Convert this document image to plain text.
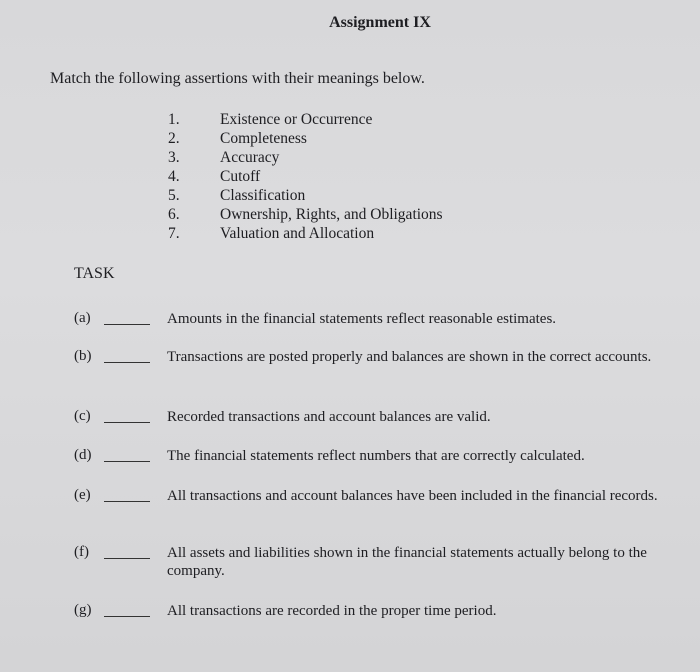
Assignment IX
Match the following assertions with their meanings below.
1.	Existence or Occurrence
2.	Completeness
3.	Accuracy
4.	Cutoff
5.	Classification
6.	Ownership, Rights, and Obligations
7.	Valuation and Allocation
TASK
(a)	Amounts in the financial statements reflect reasonable estimates.
(b)	Transactions are posted properly and balances are shown in the correct accounts.
(c)	Recorded transactions and account balances are valid.
(d)	The financial statements reflect numbers that are correctly calculated.
(e)	All transactions and account balances have been included in the financial records.
(f)	All assets and liabilities shown in the financial statements actually belong to the company.
(g)	All transactions are recorded in the proper time period.
